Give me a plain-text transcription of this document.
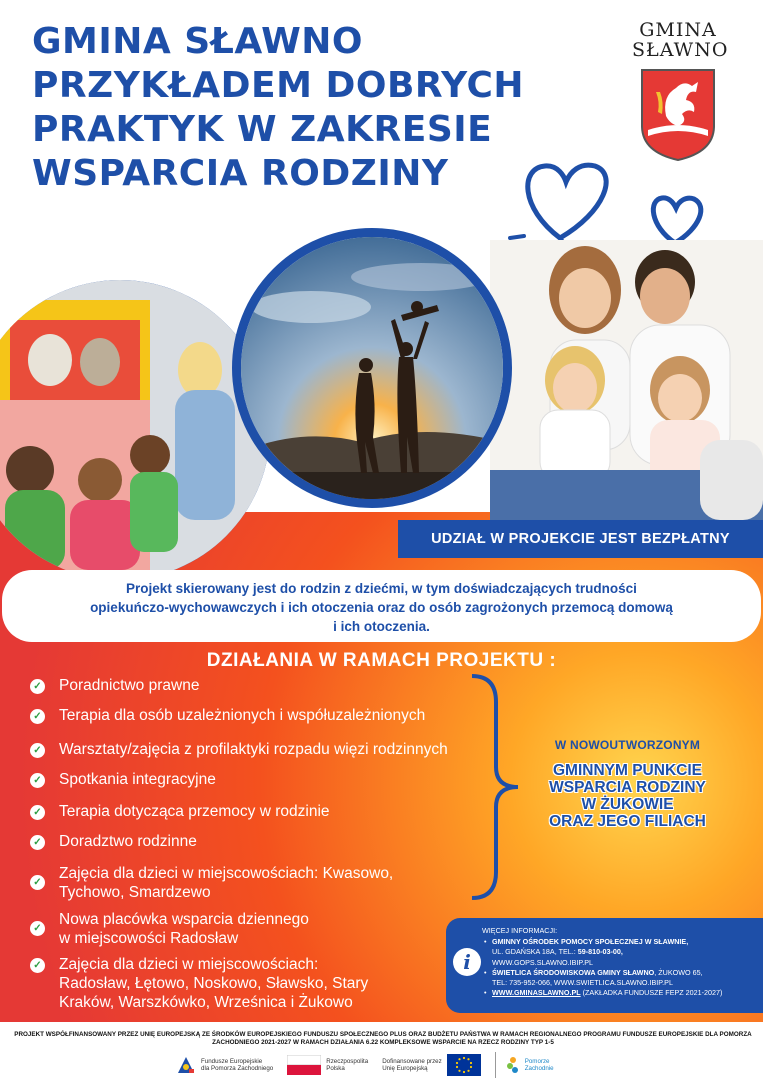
GMINA SŁAWNO
PRZYKŁADEM DOBRYCH
PRAKTYK W ZAKRESIE
WSPARCIA RODZINY
GMINA
SŁAWNO
UDZIAŁ W PROJEKCIE JEST BEZPŁATNY
Projekt skierowany jest do rodzin z dziećmi, w tym doświadczających trudności
opiekuńczo-wychowawczych i ich otoczenia oraz do osób zagrożonych przemocą domową
i ich otoczenia.
DZIAŁANIA W RAMACH PROJEKTU :
✓ Poradnictwo prawne
✓ Terapia dla osób uzależnionych i współuzależnionych
✓ Warsztaty/zajęcia z profilaktyki rozpadu więzi rodzinnych
✓ Spotkania integracyjne
✓ Terapia dotycząca przemocy w rodzinie
✓ Doradztwo rodzinne
✓
Zajęcia dla dzieci w miejscowościach: Kwasowo,
Tychowo, Smardzewo
✓
Nowa placówka wsparcia dziennego
w miejscowości Radosław
✓ Zajęcia dla dzieci w miejscowościach:
Radosław, Łętowo, Noskowo, Sławsko, Stary
Kraków, Warszkówko, Wrześnica i Żukowo
W NOWOUTWORZONYM
GMINNYM PUNKCIE
WSPARCIA RODZINY
W ŻUKOWIE
ORAZ JEGO FILIACH
i
WIĘCEJ INFORMACJI:
• GMINNY OŚRODEK POMOCY SPOŁECZNEJ W SŁAWNIE,
UL. GDAŃSKA 18A, TEL.: 59-810-03-00,
WWW.GOPS.SLAWNO.IBIP.PL
• ŚWIETLICA ŚRODOWISKOWA GMINY SŁAWNO, ŻUKOWO 65,
TEL: 735-952-066, WWW.SWIETLICA.SLAWNO.IBIP.PL
• WWW.GMINASLAWNO.PL (ZAKŁADKA FUNDUSZE FEPZ 2021-2027)
PROJEKT WSPÓŁFINANSOWANY PRZEZ UNIĘ EUROPEJSKĄ ZE ŚRODKÓW EUROPEJSKIEGO FUNDUSZU SPOŁECZNEGO PLUS ORAZ BUDŻETU PAŃSTWA W RAMACH REGIONALNEGO PROGRAMU FUNDUSZE EUROPEJSKIE DLA POMORZA
ZACHODNIEGO 2021-2027 W RAMACH DZIAŁANIA 6.22 KOMPLEKSOWE WSPARCIE NA RZECZ RODZINY TYP 1-5
Fundusze Europejskie
dla Pomorza Zachodniego
Rzeczpospolita
Polska
Dofinansowane przez
Unię Europejską
Pomorze
Zachodnie
